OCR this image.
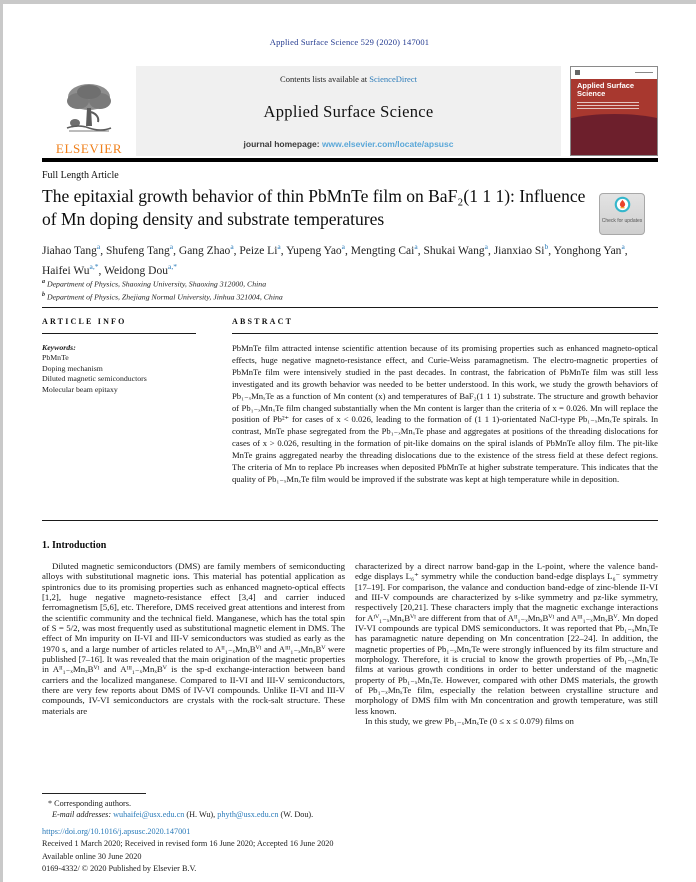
Applied Surface Science 529 (2020) 147001
ELSEVIER
Contents lists available at ScienceDirect
Applied Surface Science
journal homepage: www.elsevier.com/locate/apsusc
Applied Surface Science
Full Length Article
The epitaxial growth behavior of thin PbMnTe film on BaF₂(1 1 1): Influence of Mn doping density and substrate temperatures	Check for updates
Jiahao Tang$^a$, Shufeng Tang$^a$, Gang Zhao$^a$, Peize Li$^a$, Yupeng Yao$^a$, Mengting Cai$^a$, Shukai Wang$^a$, Jianxiao Si$^b$, Yonghong Yan$^a$, Haifei $Wu^{a,*}$, Weidong Dou$^{a,*}$
$^a$ Department of Physics, Shaoxing University, Shaoxing 312000, China
$^b$ Department of Physics, Zhejiang Normal University, Jinhua 321004, China
ARTICLE INFO
Keywords:
PbMnTe
Doping mechanism
Diluted magnetic semiconductors
Molecular beam epitaxy
ABSTRACT
PbMnTe film attracted intense scientific attention because of its promising properties such as enhanced magneto-optical effects, huge negative magneto-resistance effect, and Curie-Weiss paramagnetism. The electro-magnetic properties of PbMnTe film were intensively studied in the past decades. In contrast, the fabrication of PbMnTe film was still less investigated and its growth behavior was needed to be better understood. In this work, we study the growth behaviors of Pb₁₋ₓMnₓTe as a function of Mn content (x) and temperatures of BaF₂(1 1 1) substrate. The structure and growth behavior of Pb₁₋ₓMnₓTe film changed substantially when the Mn content is larger than the criteria of x = 0.026. Mn will replace the position of Pb²⁺ for cases of x < 0.026, leading to the formation of (1 1 1)-orientated NaCl-type Pb₁₋ₓMnₓTe spirals. In contrast, MnTe phase segregated from the Pb₁₋ₓMnₓTe phase and aggregates at positions of the threading dislocations for cases of x > 0.026, resulting in the formation of pit-like domains on the spiral islands of PbMnTe alloy film. The pit-like MnTe grains aggregated nearby the threading dislocations due to the existence of the stress field at these defect regions. The criteria of Mn to replace Pb increases when deposited PbMnTe at higher substrate temperature. This indicates that the quality of Pb₁₋ₓMnₓTe film would be improved if the substrate was kept at high temperature while in deposition.
1. Introduction

Diluted magnetic semiconductors (DMS) are family members of semiconducting alloys with substitutional magnetic ions. This material has potential application as spintronics due to its promising properties such as enhanced magneto-optical effects [1,2], huge negative magneto-resistance effect [3,4] and carrier induced ferromagnetism [5,6], etc. Therefore, DMS received great attentions and interest from the scientific community and the technical field. Manganese, which has the total spin of S = 5/2, was most frequently used as substitutional magnetic element in DMS. The effect of Mn impurity on II-VI and III-V semiconductors was studied as early as the 1970 s, and a large number of articles related to Aᴵᴵ₁₋ₓMnₓBⱽᴵ and Aᴵᴵᴵ₁₋ₓMnₓBⱽ were published [7–16]. It was revealed that the main origination of the magnetic properties in Aᴵᴵ₁₋ₓMnₓBⱽᴵ and Aᴵᴵᴵ₁₋ₓMnₓBⱽ is the sp-d exchange-interaction between band carriers and the localized manganese. Compared to II-VI and III-V semiconductors, there are very few reports about DMS of IV-VI compounds. Unlike II-VI and III-V compounds, IV-VI semiconductors are crystals with the rock-salt structure. These materials are

characterized by a direct narrow band-gap in the L-point, where the valence band-edge displays L₆⁺ symmetry while the conduction band-edge displays L₆⁻ symmetry [17–19]. For comparison, the valance and conduction band-edge of zinc-blende II-VI and III-V compounds are characterized by s-like symmetry and pz-like symmetry, respectively [20,21]. These characters imply that the magnetic exchange interactions for Aᴵⱽ₁₋ₓMnₓBⱽᴵ are different from that of Aᴵᴵ₁₋ₓMnₓBⱽᴵ and Aᴵᴵᴵ₁₋ₓMnₓBⱽ. Mn doped IV-VI compounds are typical DMS semiconductors. It was reported that Pb₁₋ₓMnₓTe has paramagnetic nature depending on Mn concentration [22–24]. In addition, the magnetic properties of Pb₁₋ₓMnₓTe were strongly influenced by its film structure and morphology. Therefore, it is crucial to know the growth properties of Pb₁₋ₓMnₓTe films at various growth conditions in order to better understand of the magnetic property of Pb₁₋ₓMnₓTe. However, compared with other DMS materials, the growth of Pb₁₋ₓMnₓTe film, especially the relation between crystalline structure and morphology of DMS film with Mn concentration and growth temperature, was still less known.

In this study, we grew Pb₁₋ₓMnₓTe (0 ≤ x ≤ 0.079) films on

* Corresponding authors.
E-mail addresses: wuhaifei@usx.edu.cn (H. Wu), phyth@usx.edu.cn (W. Dou).
https://doi.org/10.1016/j.apsusc.2020.147001
Received 1 March 2020; Received in revised form 16 June 2020; Accepted 16 June 2020
Available online 30 June 2020
0169-4332/ © 2020 Published by Elsevier B.V.
